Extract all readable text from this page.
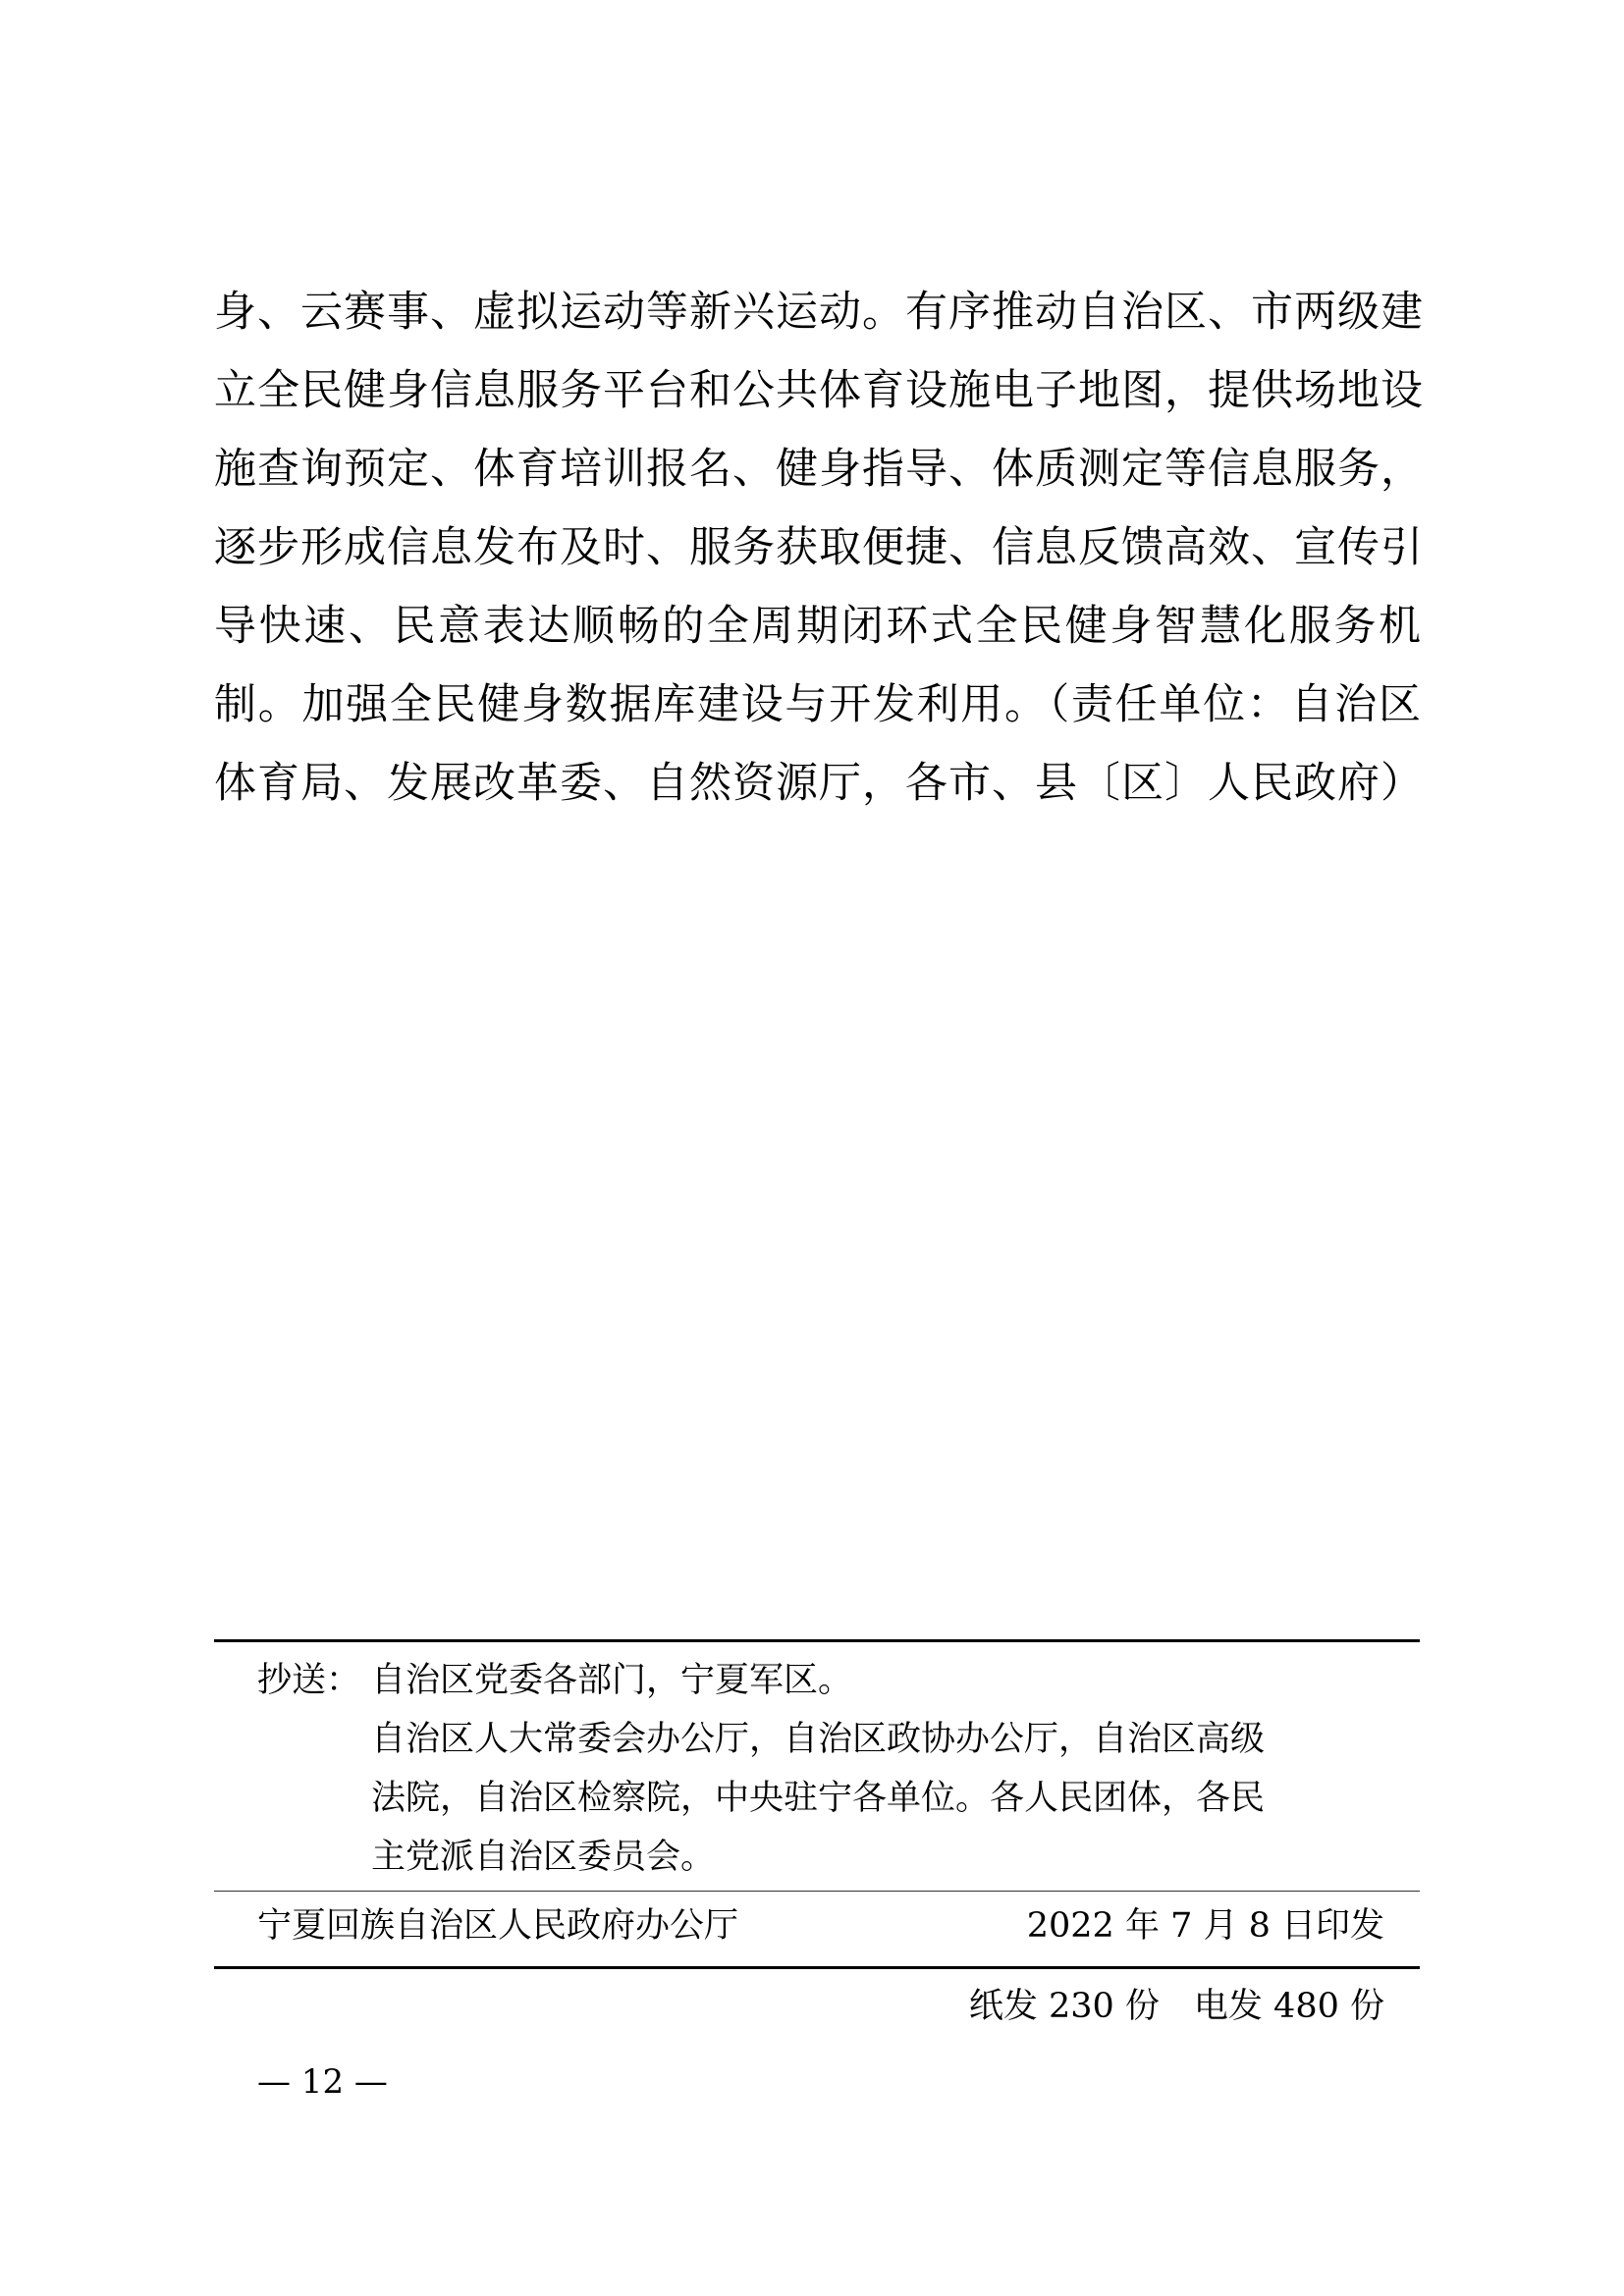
身、云赛事、虚拟运动等新兴运动。有序推动自治区、市两级建
立全民健身信息服务平台和公共体育设施电子地图，提供场地设
施查询预定、体育培训报名、健身指导、体质测定等信息服务，
逐步形成信息发布及时、服务获取便捷、信息反馈高效、宣传引
导快速、民意表达顺畅的全周期闭环式全民健身智慧化服务机
制。加强全民健身数据库建设与开发利用。（责任单位：自治区
体育局、发展改革委、自然资源厅，各市、县〔区〕人民政府）
抄送： 自治区党委各部门，宁夏军区。
自治区人大常委会办公厅，自治区政协办公厅，自治区高级
法院，自治区检察院，中央驻宁各单位。各人民团体，各民
主党派自治区委员会。
宁夏回族自治区人民政府办公厅	2022 年 7 月 8 日印发
纸发 230 份　电发 480 份
— 12 —
